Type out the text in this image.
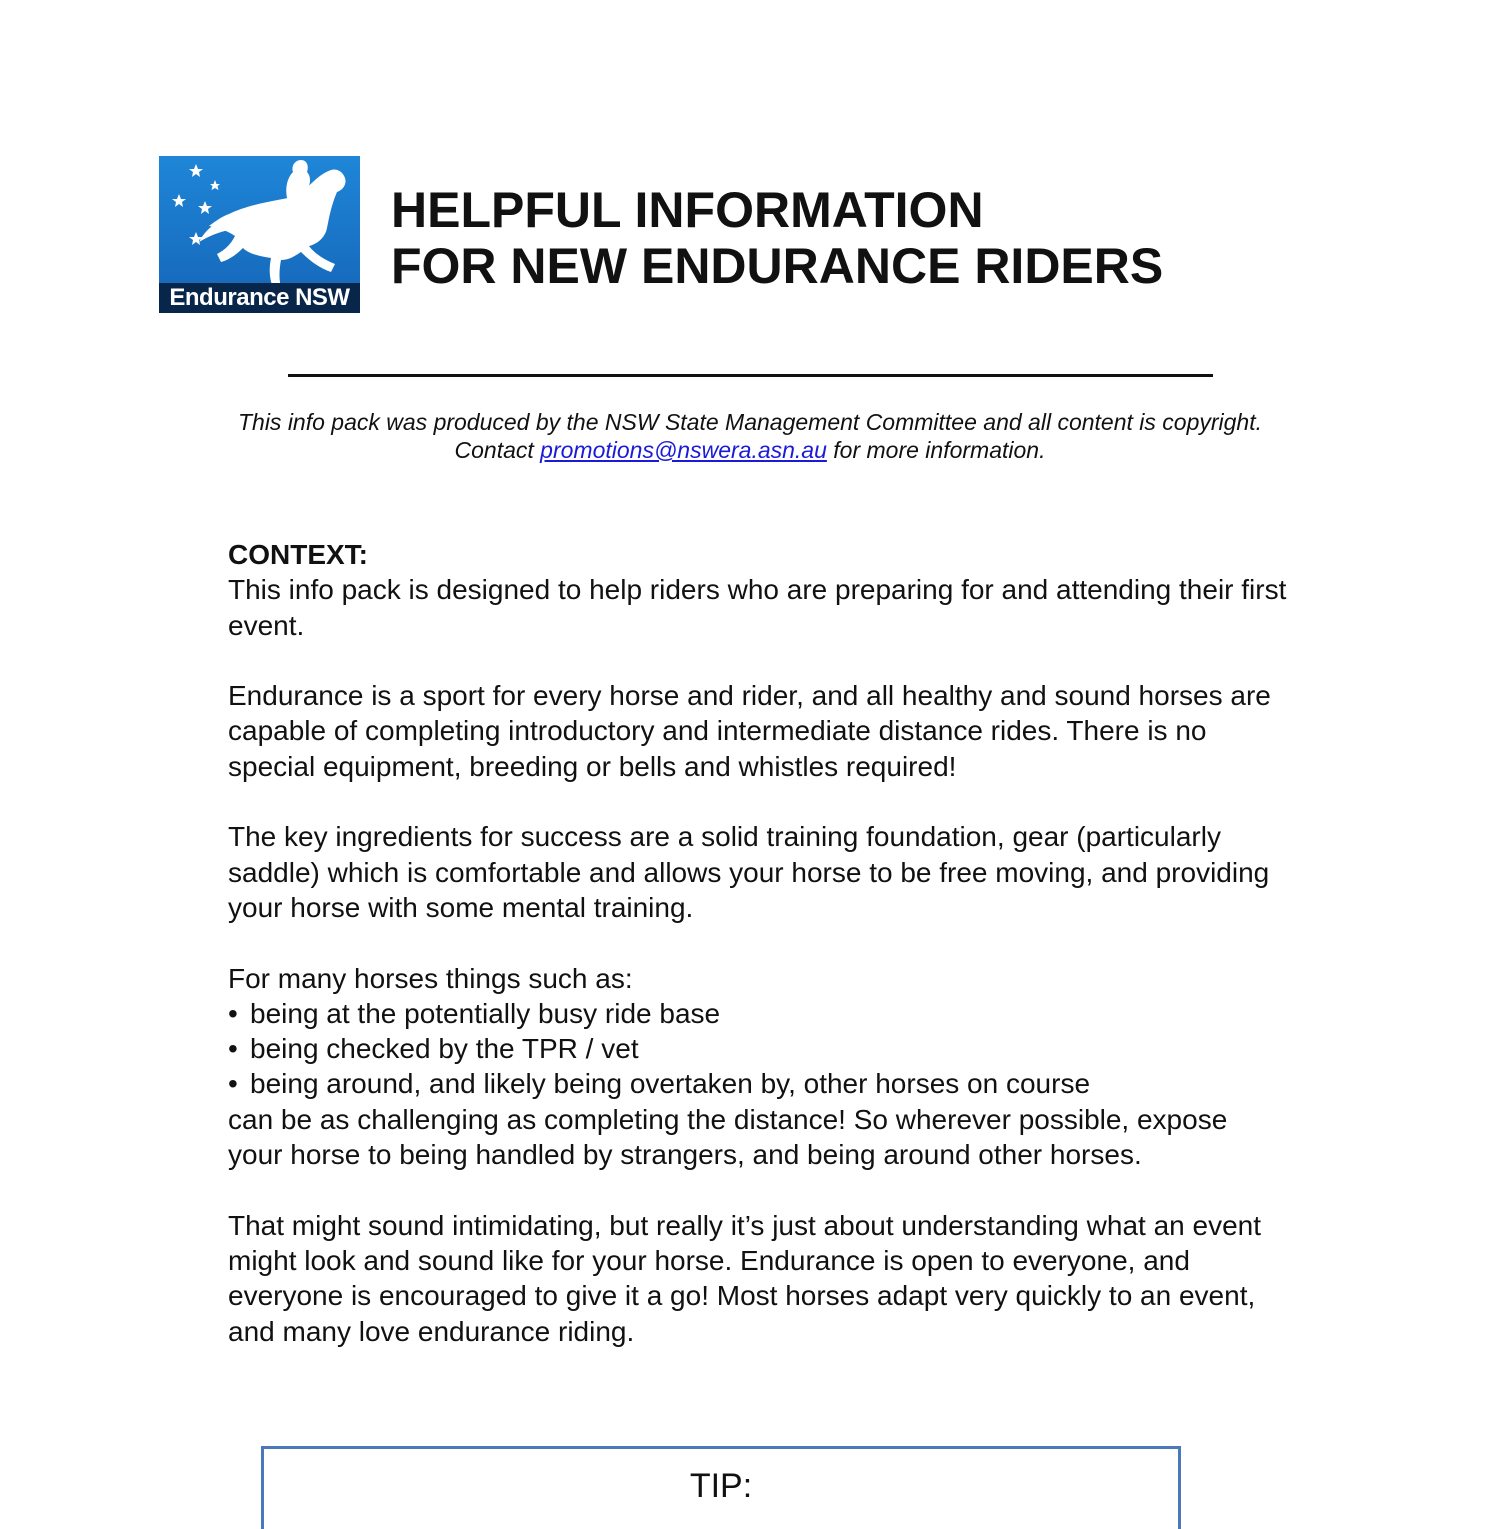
Endurance NSW
HELPFUL INFORMATION
FOR NEW ENDURANCE RIDERS
This info pack was produced by the NSW State Management Committee and all content is copyright. Contact promotions@nswera.asn.au for more information.
CONTEXT:

This info pack is designed to help riders who are preparing for and attending their first event.

Endurance is a sport for every horse and rider, and all healthy and sound horses are capable of completing introductory and intermediate distance rides. There is no special equipment, breeding or bells and whistles required!

The key ingredients for success are a solid training foundation, gear (particularly saddle) which is comfortable and allows your horse to be free moving, and providing your horse with some mental training.

For many horses things such as:
• being at the potentially busy ride base
• being checked by the TPR / vet
• being around, and likely being overtaken by, other horses on course

can be as challenging as completing the distance! So wherever possible, expose your horse to being handled by strangers, and being around other horses.

That might sound intimidating, but really it’s just about understanding what an event might look and sound like for your horse. Endurance is open to everyone, and everyone is encouraged to give it a go! Most horses adapt very quickly to an event, and many love endurance riding.

TIP:
